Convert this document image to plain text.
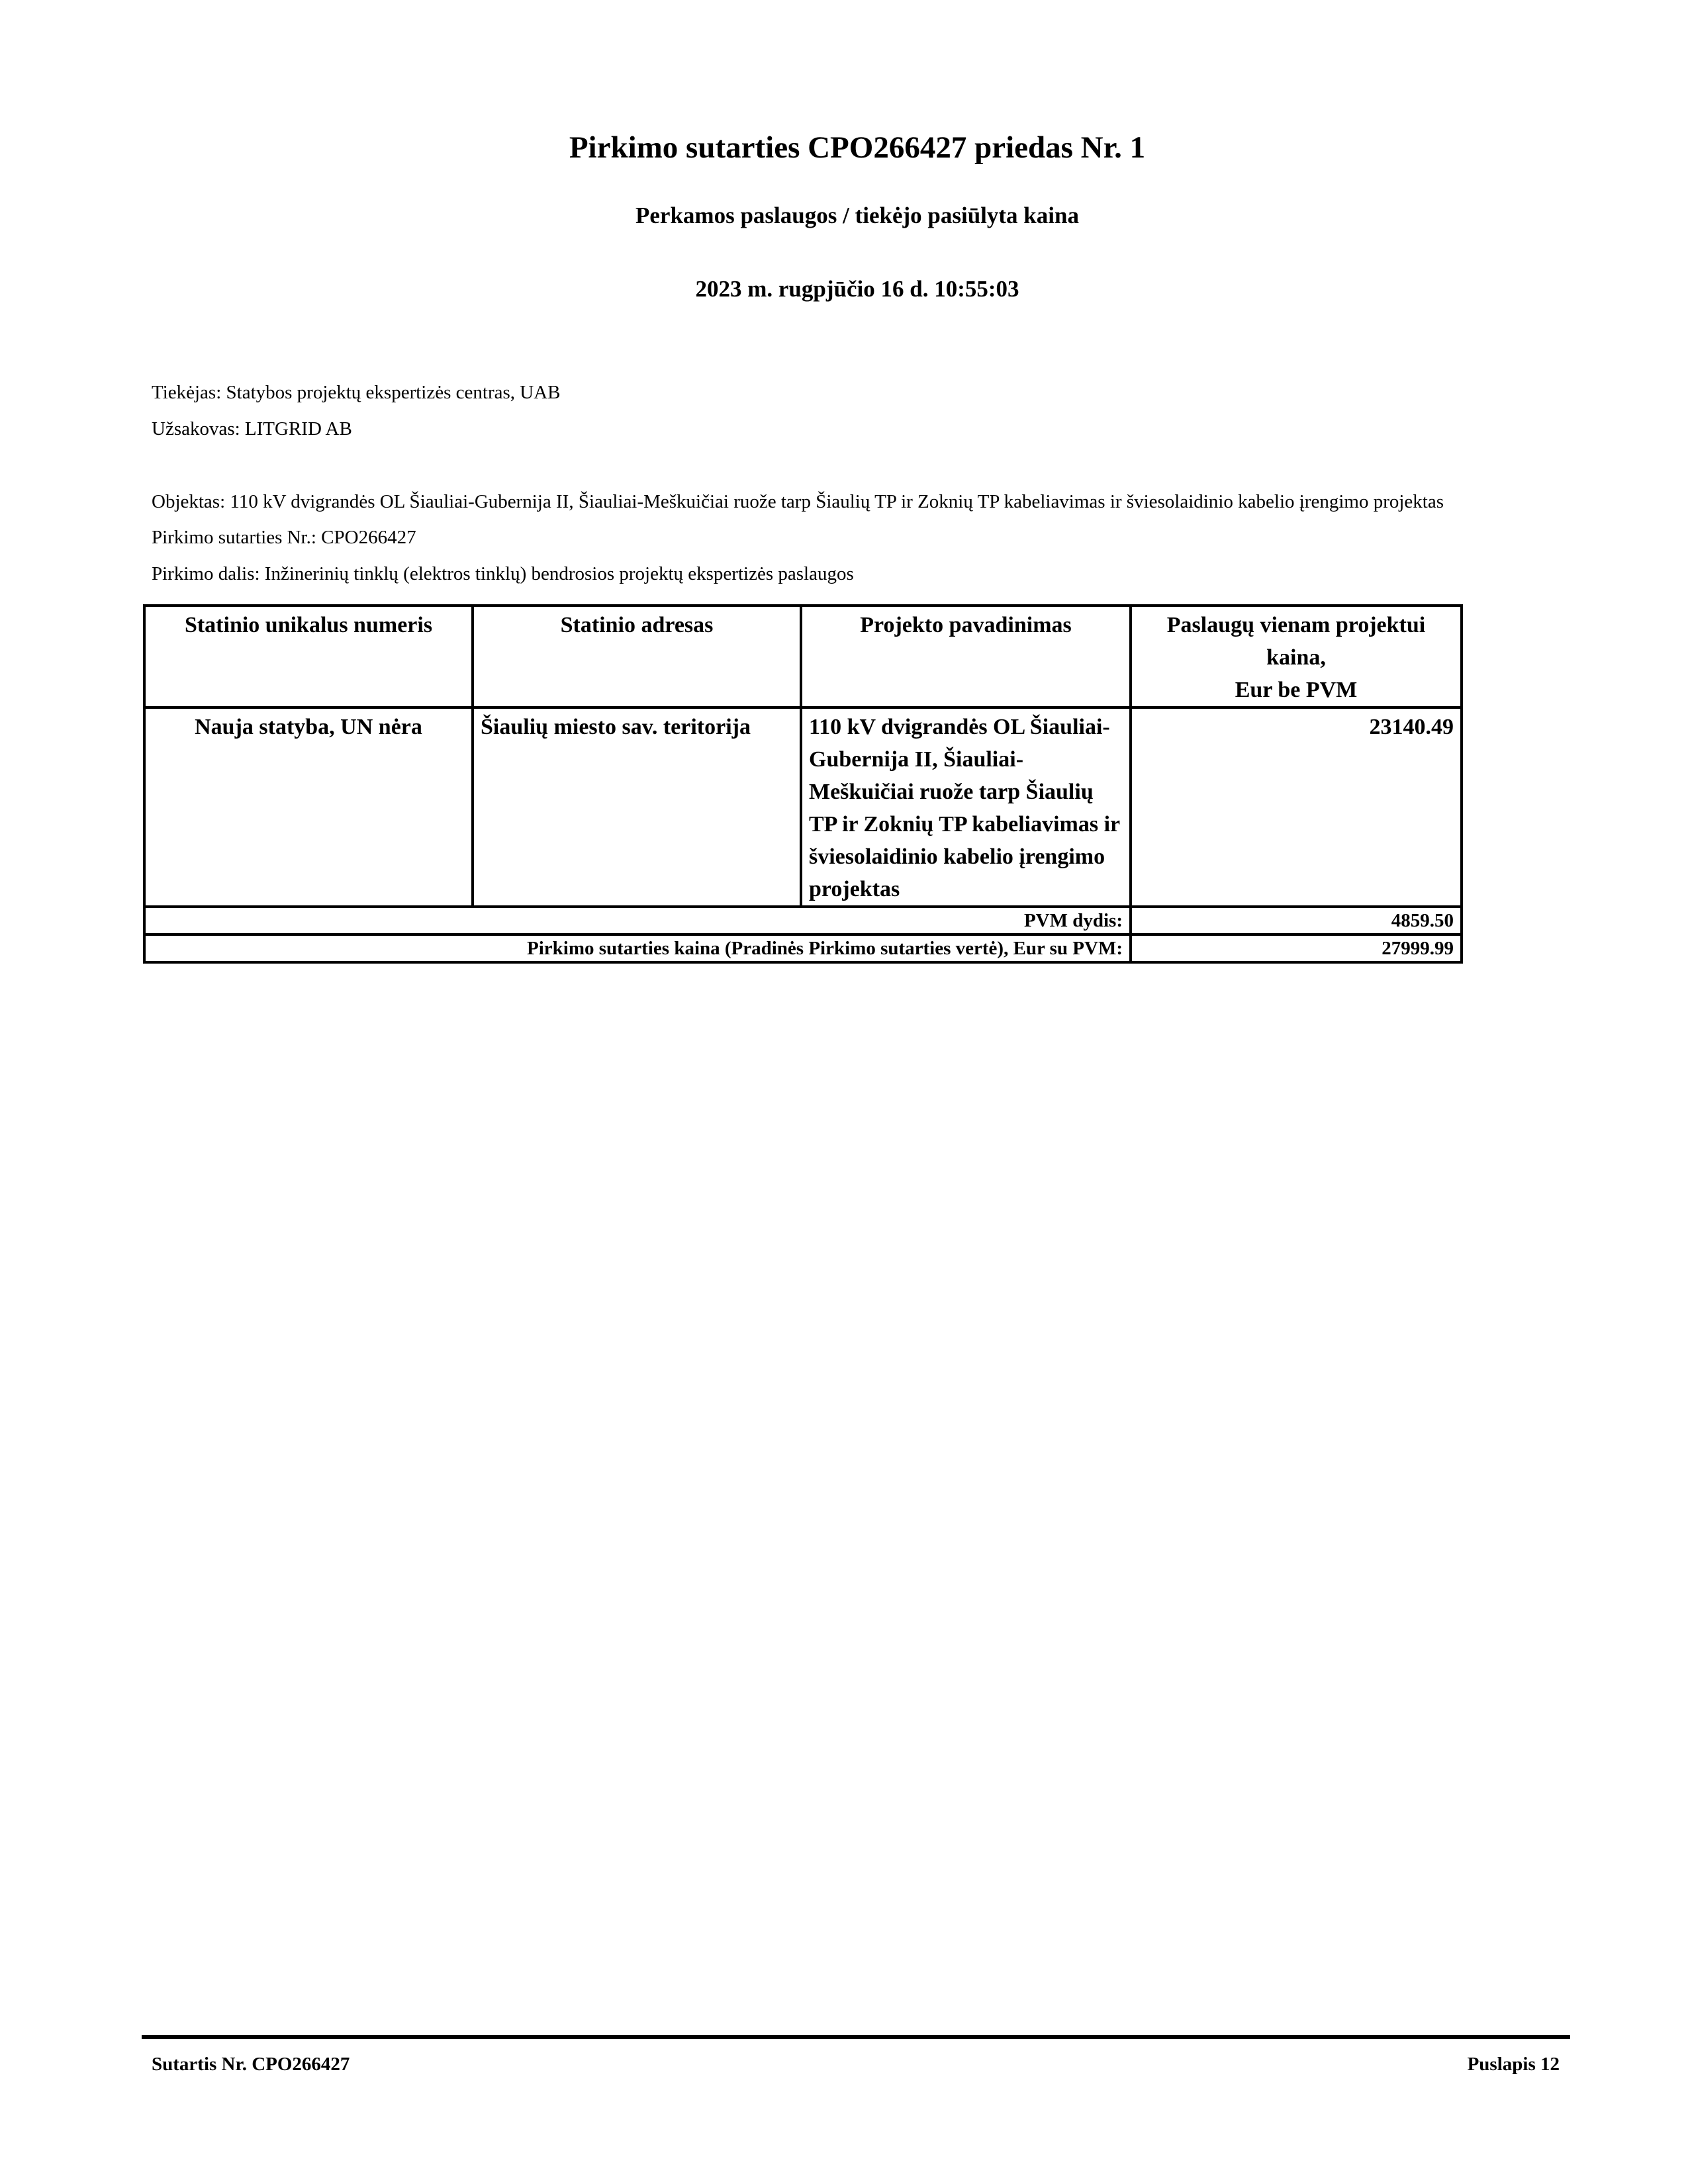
Pirkimo sutarties CPO266427 priedas Nr. 1
Perkamos paslaugos / tiekėjo pasiūlyta kaina
2023 m. rugpjūčio 16 d. 10:55:03
Tiekėjas: Statybos projektų ekspertizės centras, UAB
Užsakovas: LITGRID AB
Objektas: 110 kV dvigrandės OL Šiauliai-Gubernija II, Šiauliai-Meškuičiai ruože tarp Šiaulių TP ir Zoknių TP kabeliavimas ir šviesolaidinio kabelio įrengimo projektas
Pirkimo sutarties Nr.: CPO266427
Pirkimo dalis: Inžinerinių tinklų (elektros tinklų) bendrosios projektų ekspertizės paslaugos
Statinio unikalus numeris	Statinio adresas	Projekto pavadinimas	Paslaugų vienam projektui kaina,
Eur be PVM
Nauja statyba, UN nėra	Šiaulių miesto sav. teritorija	110 kV dvigrandės OL Šiauliai-Gubernija II, Šiauliai-Meškuičiai ruože tarp Šiaulių TP ir Zoknių TP kabeliavimas ir šviesolaidinio kabelio įrengimo projektas	23140.49
PVM dydis:			4859.50
Pirkimo sutarties kaina (Pradinės Pirkimo sutarties vertė), Eur su PVM:			27999.99
Sutartis Nr. CPO266427	Puslapis 12
